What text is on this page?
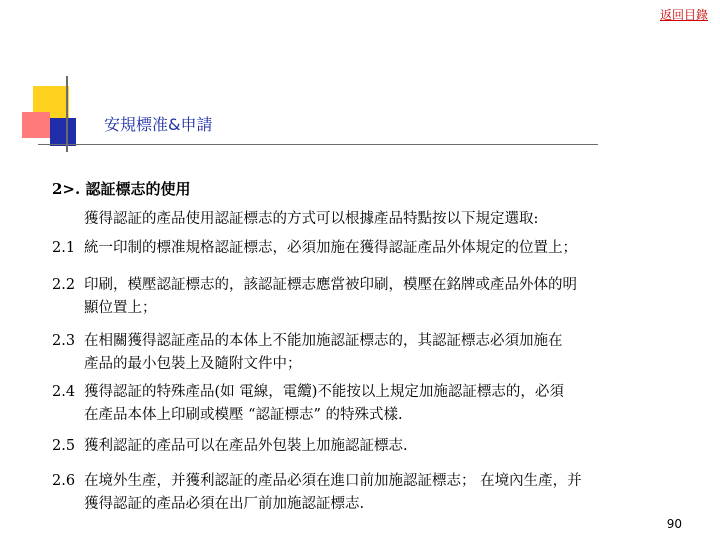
返回目錄
安規標准&申請
2>. 認証標志的使用
獲得認証的產品使用認証標志的方式可以根據產品特點按以下規定選取:
2.1 統一印制的標准規格認証標志，必須加施在獲得認証產品外体規定的位置上；
2.2 印刷，模壓認証標志的，該認証標志應當被印刷，模壓在銘牌或產品外体的明
顯位置上；
2.3 在相關獲得認証產品的本体上不能加施認証標志的，其認証標志必須加施在
產品的最小包裝上及隨附文件中；
2.4 獲得認証的特殊產品(如 電線，電纜)不能按以上規定加施認証標志的，必須
在產品本体上印刷或模壓 “認証標志” 的特殊式樣.
2.5 獲利認証的產品可以在產品外包裝上加施認証標志.
2.6 在境外生產，并獲利認証的產品必須在進口前加施認証標志； 在境內生產，并
獲得認証的產品必須在出厂前加施認証標志.
90
